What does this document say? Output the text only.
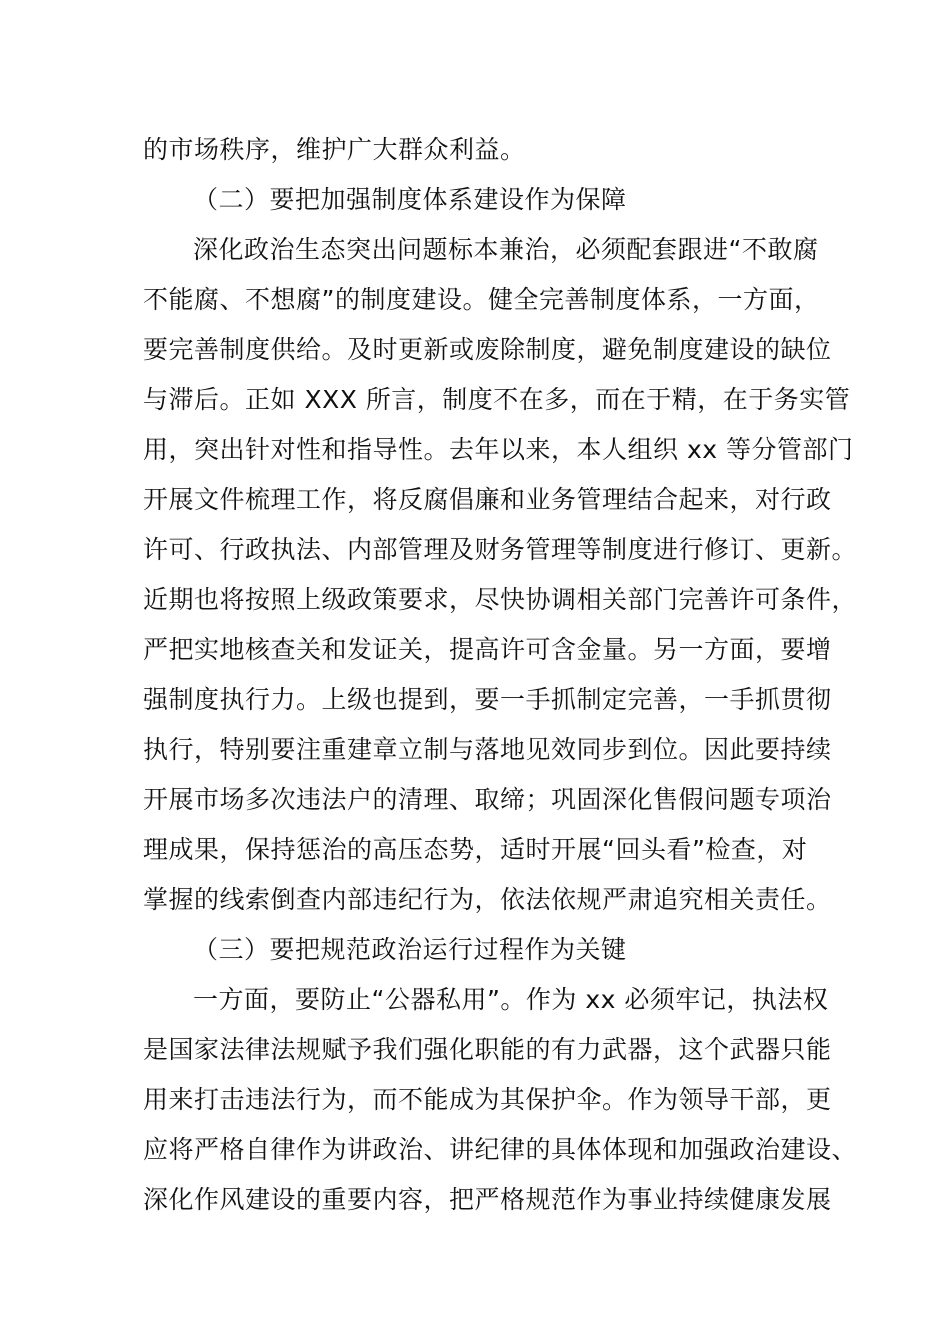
的市场秩序，维护广大群众利益。
（二）要把加强制度体系建设作为保障
深化政治生态突出问题标本兼治，必须配套跟进“不敢腐
不能腐、不想腐”的制度建设。健全完善制度体系，一方面，
要完善制度供给。及时更新或废除制度，避免制度建设的缺位
与滞后。正如 XXX 所言，制度不在多，而在于精，在于务实管
用，突出针对性和指导性。去年以来，本人组织 xx 等分管部门
开展文件梳理工作，将反腐倡廉和业务管理结合起来，对行政
许可、行政执法、内部管理及财务管理等制度进行修订、更新。
近期也将按照上级政策要求，尽快协调相关部门完善许可条件，
严把实地核查关和发证关，提高许可含金量。另一方面，要增
强制度执行力。上级也提到，要一手抓制定完善，一手抓贯彻
执行，特别要注重建章立制与落地见效同步到位。因此要持续
开展市场多次违法户的清理、取缔；巩固深化售假问题专项治
理成果，保持惩治的高压态势，适时开展“回头看”检查，对
掌握的线索倒查内部违纪行为，依法依规严肃追究相关责任。
（三）要把规范政治运行过程作为关键
一方面，要防止“公器私用”。作为 xx 必须牢记，执法权
是国家法律法规赋予我们强化职能的有力武器，这个武器只能
用来打击违法行为，而不能成为其保护伞。作为领导干部，更
应将严格自律作为讲政治、讲纪律的具体体现和加强政治建设、
深化作风建设的重要内容，把严格规范作为事业持续健康发展
